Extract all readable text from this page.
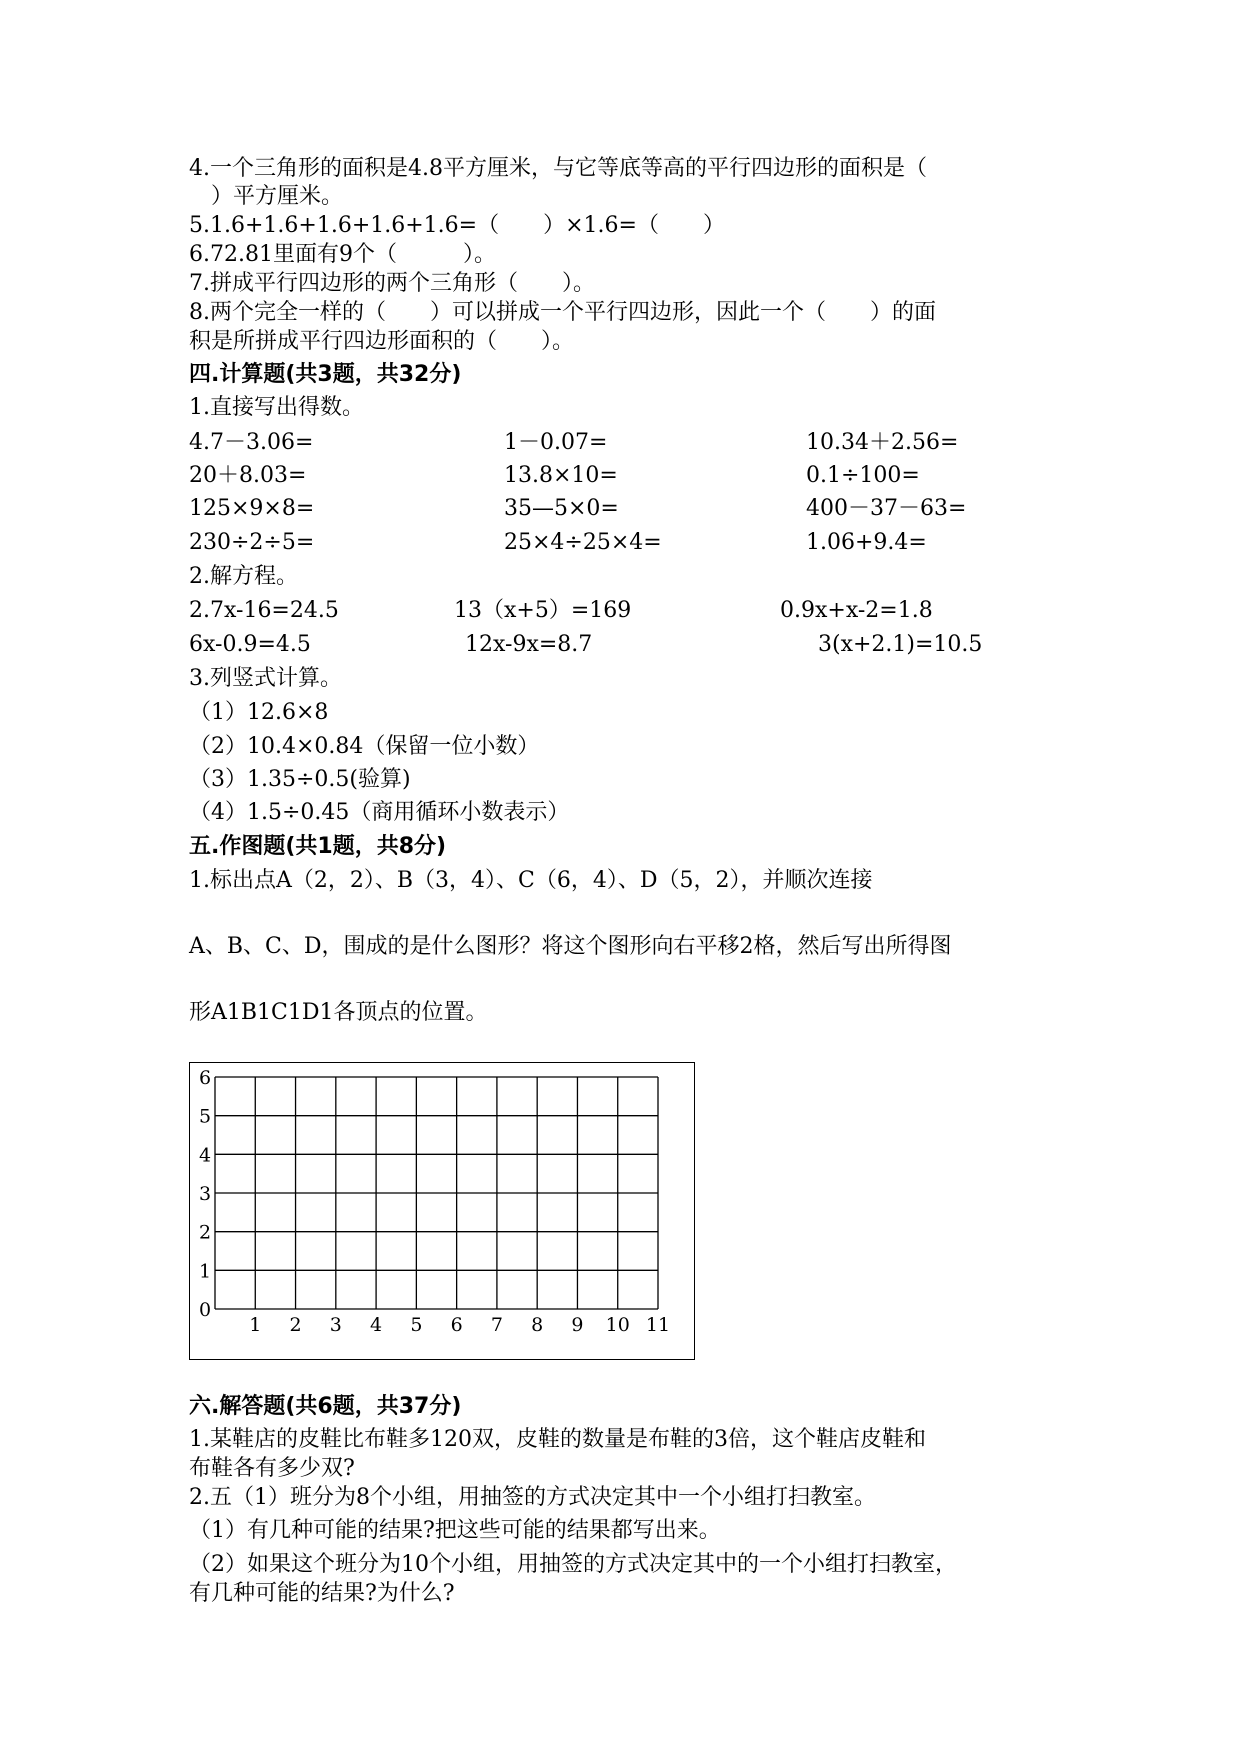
4.一个三角形的面积是4.8平方厘米，与它等底等高的平行四边形的面积是（

　）平方厘米。

5.1.6+1.6+1.6+1.6+1.6=（　　）×1.6=（　　）

6.72.81里面有9个（　　　）。

7.拼成平行四边形的两个三角形（　　）。

8.两个完全一样的（　　）可以拼成一个平行四边形，因此一个（　　）的面

积是所拼成平行四边形面积的（　　）。

四.计算题(共3题，共32分)

1.直接写出得数。

4.7－3.06=	1－0.07=	10.34＋2.56=

20＋8.03=	13.8×10=	0.1÷100=

125×9×8=	35—5×0=	400－37－63=

230÷2÷5=	25×4÷25×4=	1.06+9.4=

2.解方程。

2.7x-16=24.5	13（x+5）=169	0.9x+x-2=1.8

6x-0.9=4.5	12x-9x=8.7	3(x+2.1)=10.5

3.列竖式计算。

（1）12.6×8

（2）10.4×0.84（保留一位小数）

（3）1.35÷0.5(验算)

（4）1.5÷0.45（商用循环小数表示）

五.作图题(共1题，共8分)

1.标出点A（2，2）、B（3，4）、C（6，4）、D（5，2），并顺次连接

A、B、C、D，围成的是什么图形？将这个图形向右平移2格，然后写出所得图

形A1B1C1D1各顶点的位置。

1 2 3 4 5 6 7 8 9 10 11
0
1
2
3
4
5
6

六.解答题(共6题，共37分)

1.某鞋店的皮鞋比布鞋多120双，皮鞋的数量是布鞋的3倍，这个鞋店皮鞋和

布鞋各有多少双?

2.五（1）班分为8个小组，用抽签的方式决定其中一个小组打扫教室。

（1）有几种可能的结果?把这些可能的结果都写出来。

（2）如果这个班分为10个小组，用抽签的方式决定其中的一个小组打扫教室，

有几种可能的结果?为什么?
